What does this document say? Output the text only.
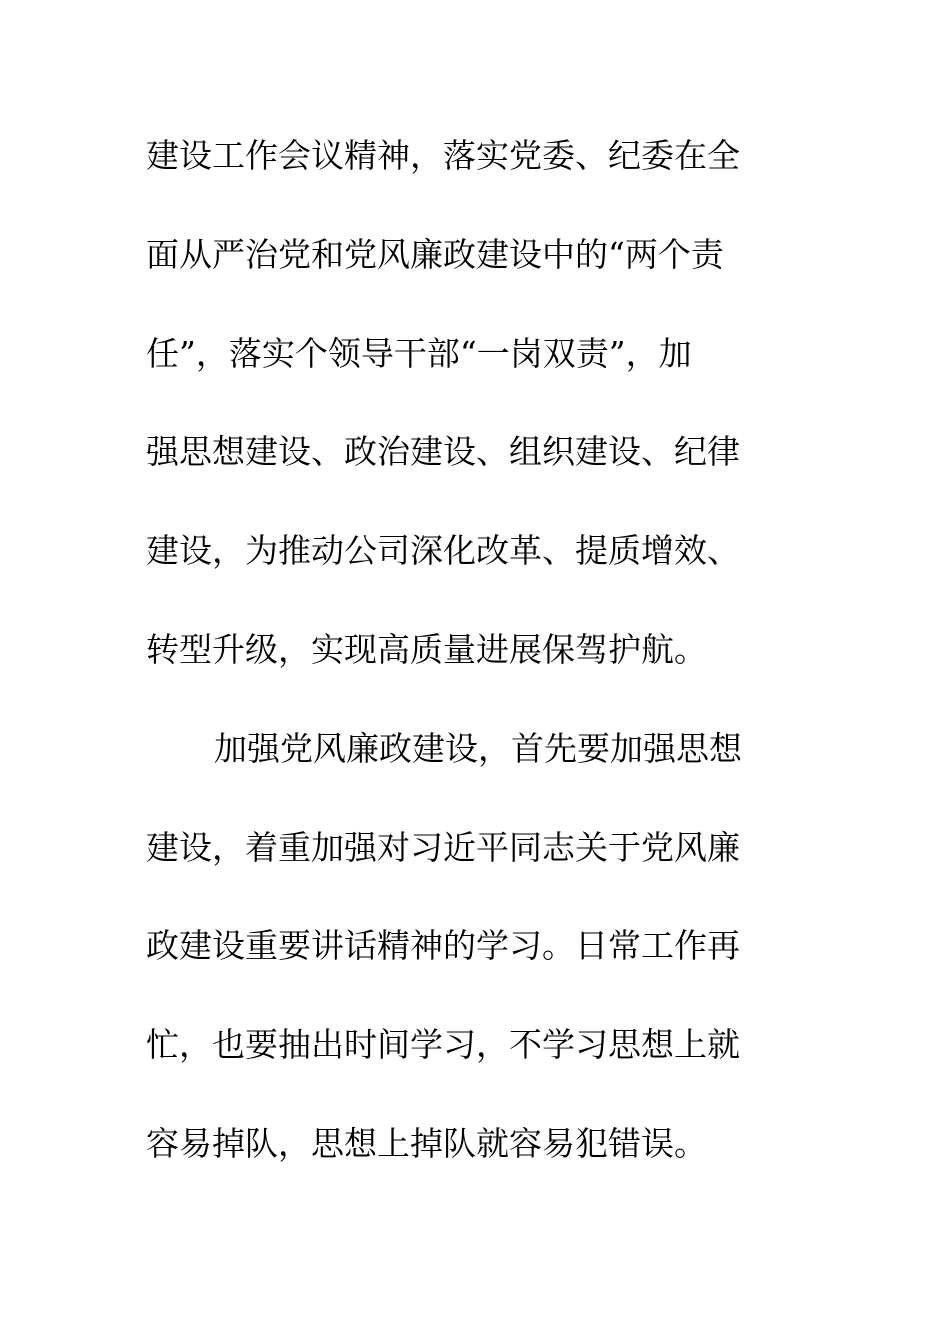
建设工作会议精神，落实党委、纪委在全
面从严治党和党风廉政建设中的“两个责
任”，落实个领导干部“一岗双责”，加
强思想建设、政治建设、组织建设、纪律
建设，为推动公司深化改革、提质增效、
转型升级，实现高质量进展保驾护航。
加强党风廉政建设，首先要加强思想
建设，着重加强对习近平同志关于党风廉
政建设重要讲话精神的学习。日常工作再
忙，也要抽出时间学习，不学习思想上就
容易掉队，思想上掉队就容易犯错误。
